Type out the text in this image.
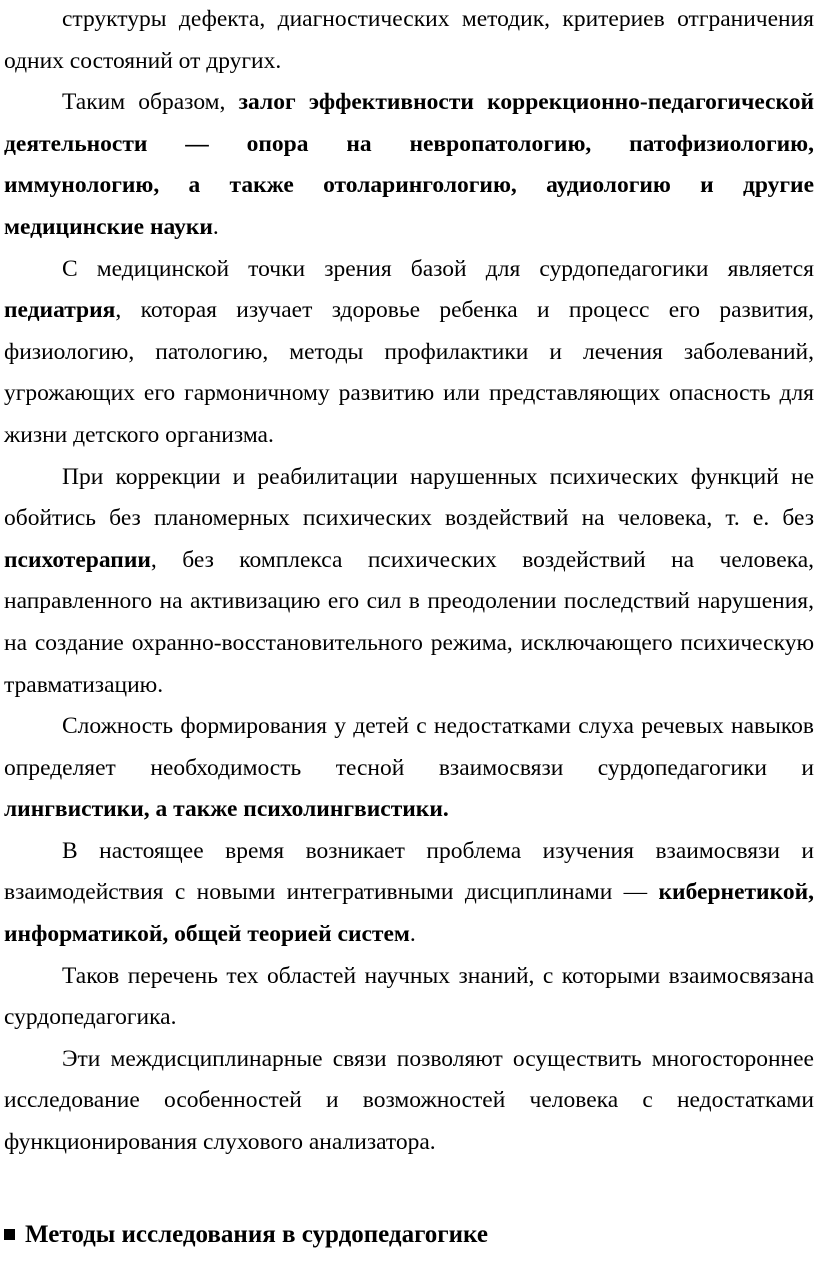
структуры дефекта, диагностических методик, критериев отграничения одних состояний от других.

Таким образом, залог эффективности коррекционно-педагогической деятельности — опора на невропатологию, патофизиологию, иммунологию, а также отоларингологию, аудиологию и другие медицинские науки.

С медицинской точки зрения базой для сурдопедагогики является педиатрия, которая изучает здоровье ребенка и процесс его развития, физиологию, патологию, методы профилактики и лечения заболеваний, угрожающих его гармоничному развитию или представляющих опасность для жизни детского организма.

При коррекции и реабилитации нарушенных психических функций не обойтись без планомерных психических воздействий на человека, т. е. без психотерапии, без комплекса психических воздействий на человека, направленного на активизацию его сил в преодолении последствий нарушения, на создание охранно-восстановительного режима, исключающего психическую травматизацию.

Сложность формирования у детей с недостатками слуха речевых навыков определяет необходимость тесной взаимосвязи сурдопедагогики и лингвистики, а также психолингвистики.

В настоящее время возникает проблема изучения взаимосвязи и взаимодействия с новыми интегративными дисциплинами — кибернетикой, информатикой, общей теорией систем.

Таков перечень тех областей научных знаний, с которыми взаимосвязана сурдопедагогика.

Эти междисциплинарные связи позволяют осуществить многостороннее исследование особенностей и возможностей человека с недостатками функционирования слухового анализатора.

Методы исследования в сурдопедагогике
